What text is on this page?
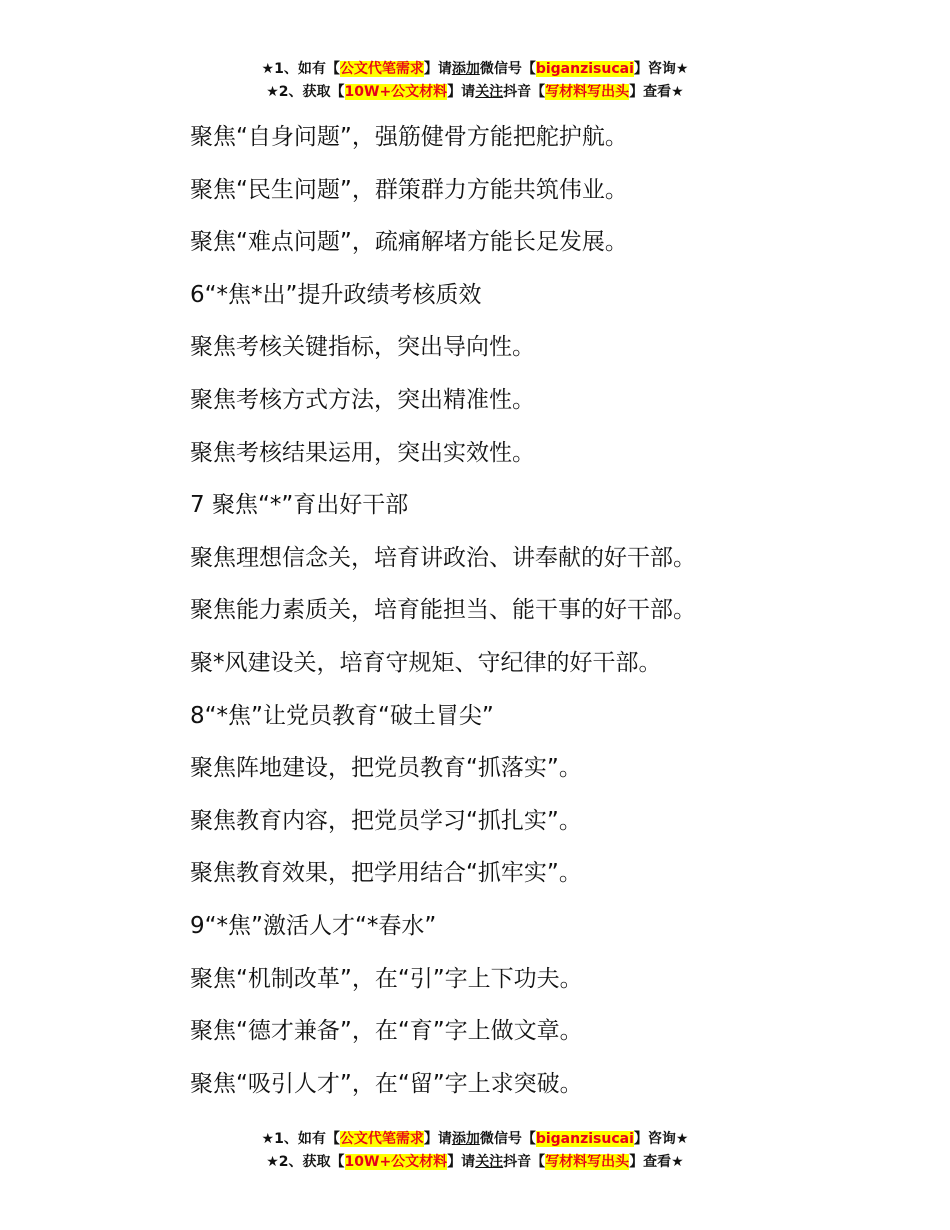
★1、如有【公文代笔需求】请添加微信号【biganzisucai】咨询★
★2、获取【10W+公文材料】请关注抖音【写材料写出头】查看★
聚焦“自身问题”，强筋健骨方能把舵护航。
聚焦“民生问题”，群策群力方能共筑伟业。
聚焦“难点问题”，疏痛解堵方能长足发展。
6“*焦*出”提升政绩考核质效
聚焦考核关键指标，突出导向性。
聚焦考核方式方法，突出精准性。
聚焦考核结果运用，突出实效性。
7 聚焦“*”育出好干部
聚焦理想信念关，培育讲政治、讲奉献的好干部。
聚焦能力素质关，培育能担当、能干事的好干部。
聚*风建设关，培育守规矩、守纪律的好干部。
8“*焦”让党员教育“破土冒尖”
聚焦阵地建设，把党员教育“抓落实”。
聚焦教育内容，把党员学习“抓扎实”。
聚焦教育效果，把学用结合“抓牢实”。
9“*焦”激活人才“*春水”
聚焦“机制改革”，在“引”字上下功夫。
聚焦“德才兼备”，在“育”字上做文章。
聚焦“吸引人才”，在“留”字上求突破。
★1、如有【公文代笔需求】请添加微信号【biganzisucai】咨询★
★2、获取【10W+公文材料】请关注抖音【写材料写出头】查看★
